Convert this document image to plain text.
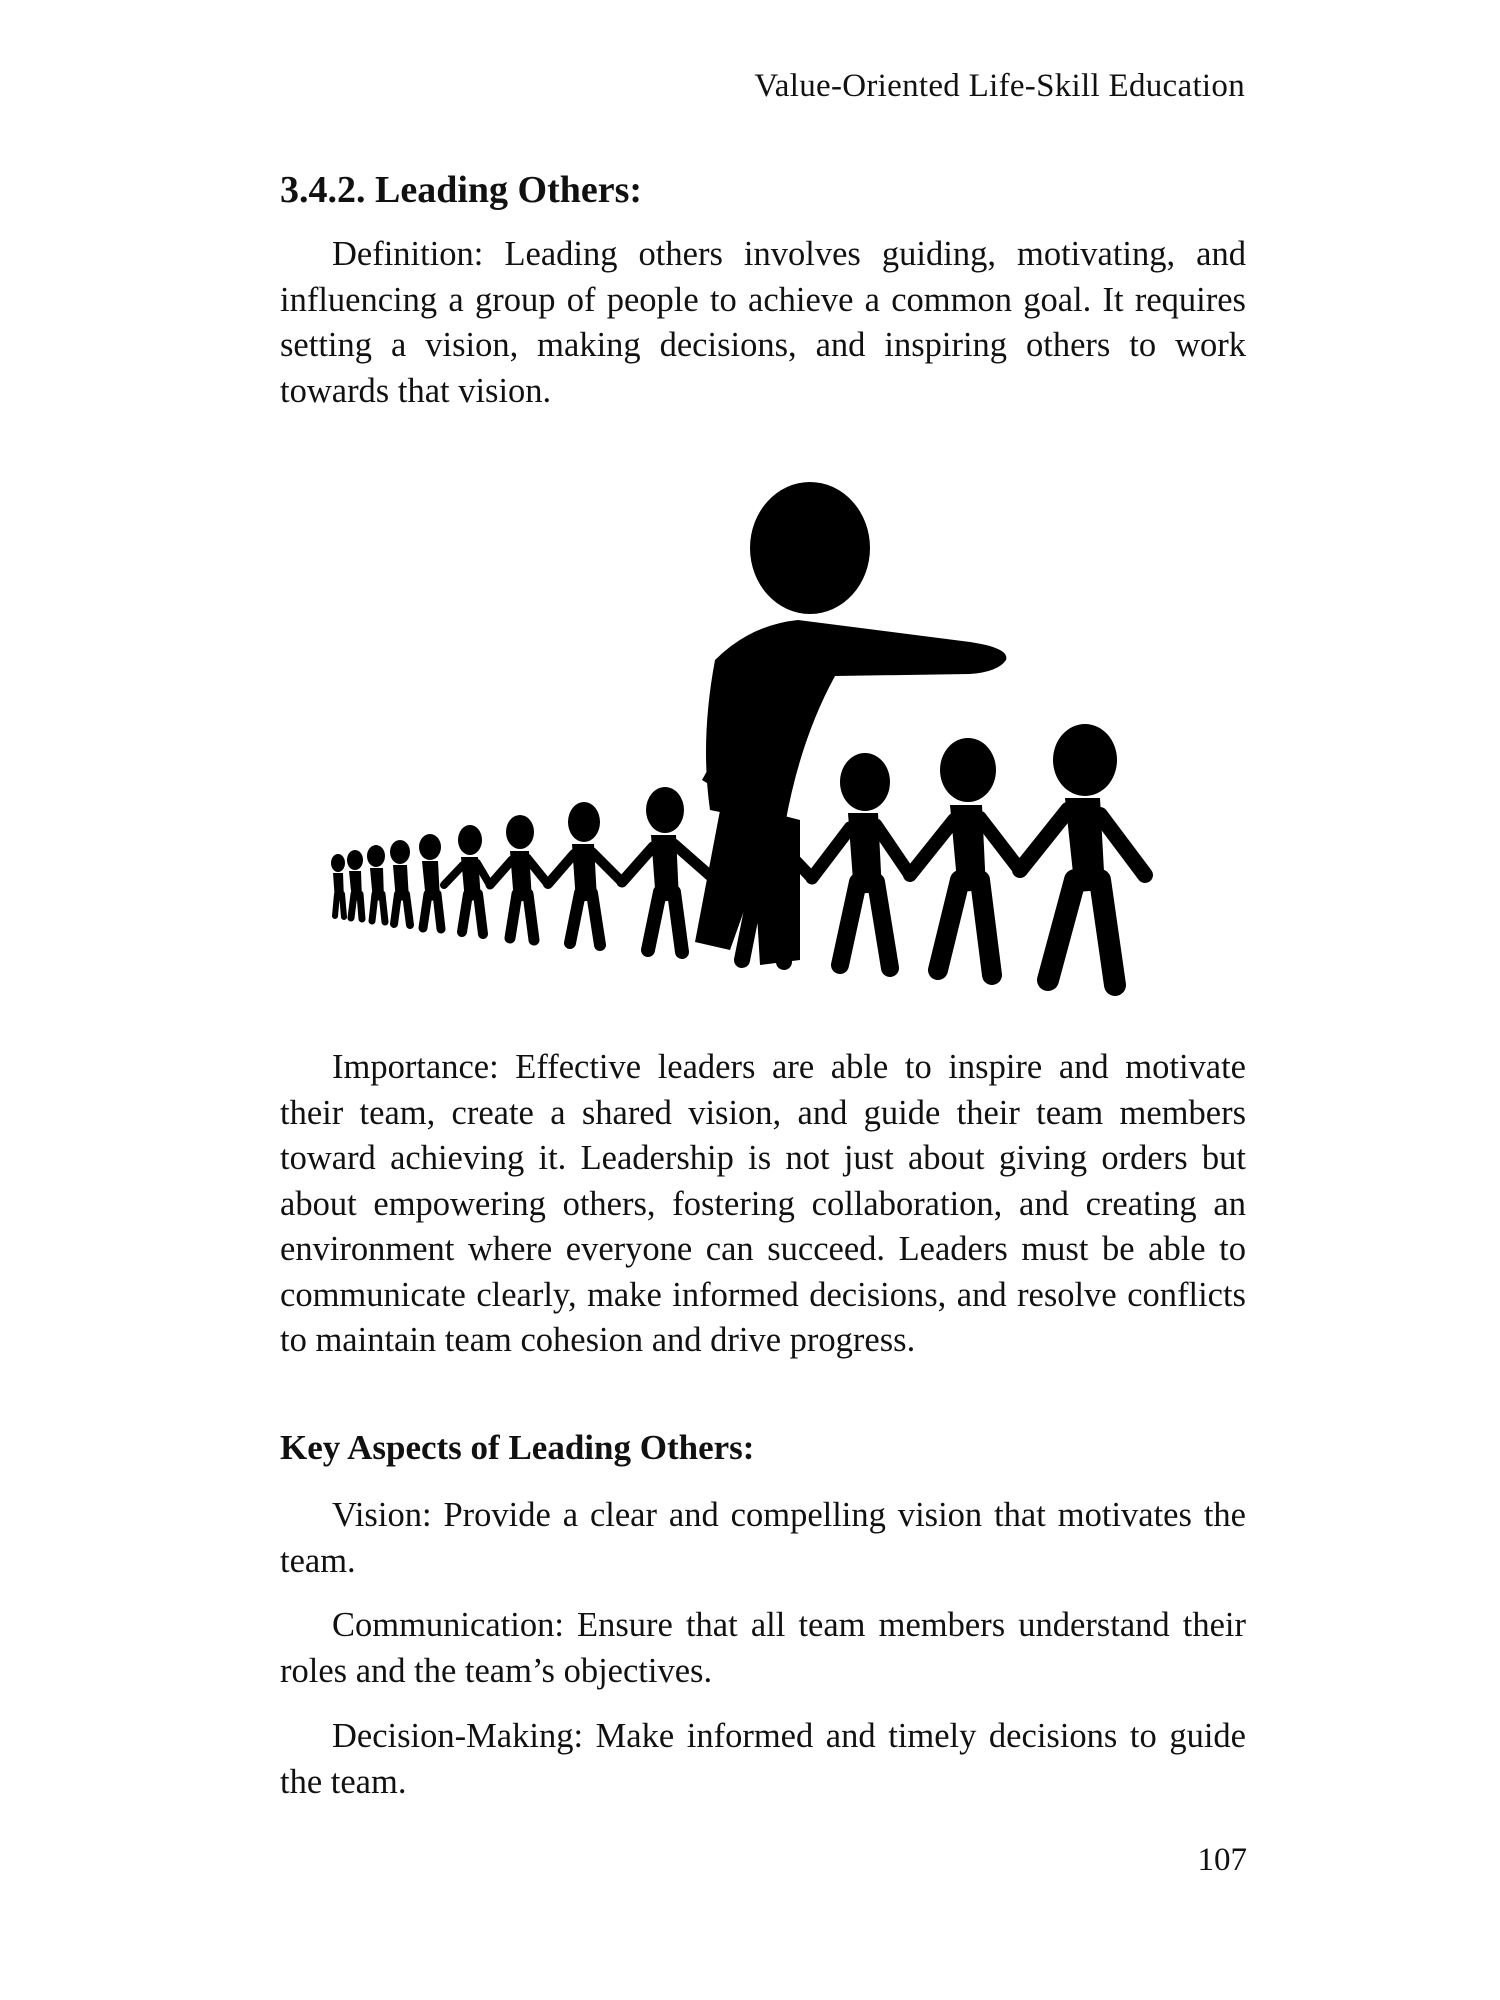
Value-Oriented Life-Skill Education
3.4.2. Leading Others:

Definition: Leading others involves guiding, motivating, and influencing a group of people to achieve a common goal. It requires setting a vision, making decisions, and inspiring others to work towards that vision.

Importance: Effective leaders are able to inspire and motivate their team, create a shared vision, and guide their team members toward achieving it. Leadership is not just about giving orders but about empowering others, fostering collaboration, and creating an environment where everyone can succeed. Leaders must be able to communicate clearly, make informed decisions, and resolve conflicts to maintain team cohesion and drive progress.

Key Aspects of Leading Others:

Vision: Provide a clear and compelling vision that motivates the team.

Communication: Ensure that all team members understand their roles and the team’s objectives.

Decision-Making: Make informed and timely decisions to guide the team.

107
